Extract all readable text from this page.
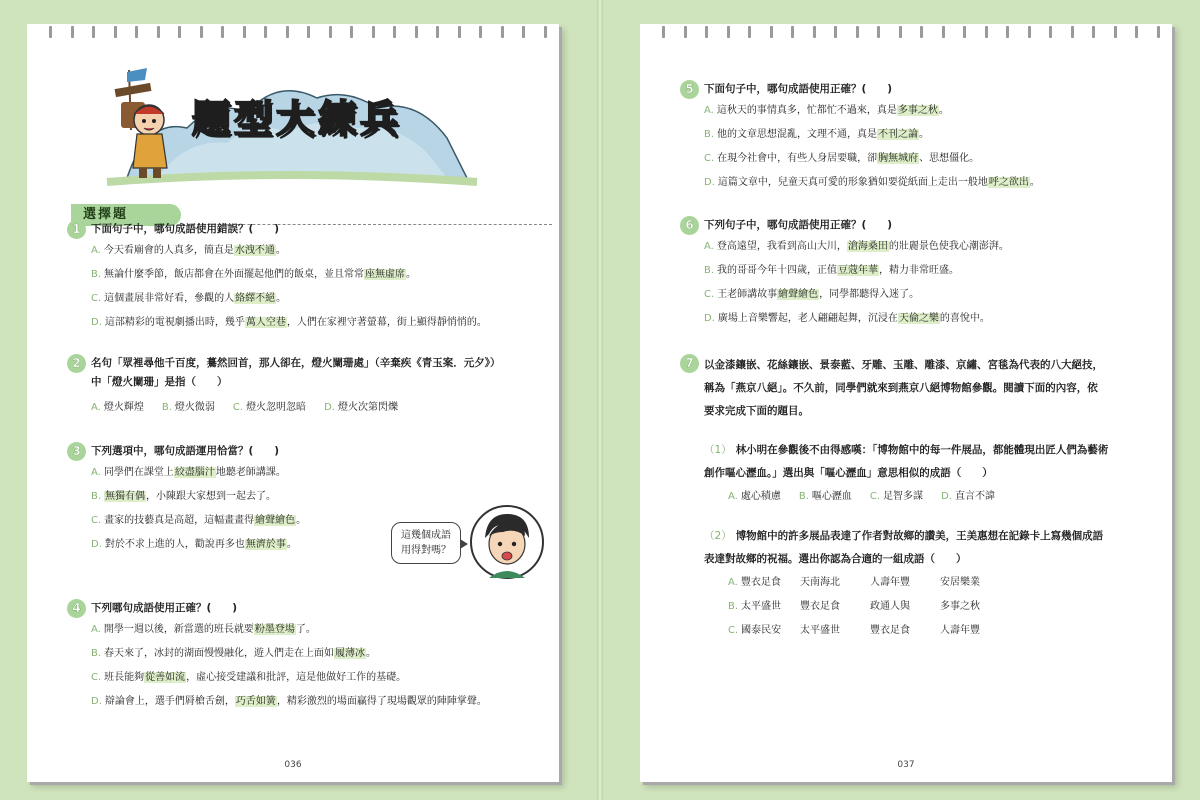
題型大練兵
選擇題
1 下面句子中，哪句成語使用錯誤？(　　)
A. 今天看廟會的人真多，簡直是水洩不通。
B. 無論什麼季節，飯店都會在外面擺起他們的飯桌，並且常常座無虛席。
C. 這個畫展非常好看，參觀的人絡繹不絕。
D. 這部精彩的電視劇播出時，幾乎萬人空巷，人們在家裡守著螢幕，街上顯得靜悄悄的。
2 名句「眾裡尋他千百度，驀然回首，那人卻在，燈火闌珊處」（辛棄疾《青玉案．元夕》）
中「燈火闌珊」是指（　　）
A. 燈火輝煌 B. 燈火微弱 C. 燈火忽明忽暗 D. 燈火次第閃爍
3 下列選項中，哪句成語運用恰當？(　　)
A. 同學們在課堂上絞盡腦汁地聽老師講課。
B. 無獨有偶，小陳跟大家想到一起去了。
C. 畫家的技藝真是高超，這幅畫畫得繪聲繪色。
D. 對於不求上進的人，勸說再多也無濟於事。
這幾個成語
用得對嗎？
4 下列哪句成語使用正確？(　　)
A. 開學一週以後，新當選的班長就要粉墨登場了。
B. 春天來了，冰封的湖面慢慢融化，遊人們走在上面如履薄冰。
C. 班長能夠從善如流，虛心接受建議和批評，這是他做好工作的基礎。
D. 辯論會上，選手們脣槍舌劍，巧舌如簧，精彩激烈的場面贏得了現場觀眾的陣陣掌聲。
036
5 下面句子中，哪句成語使用正確？(　　)
A. 這秋天的事情真多，忙都忙不過來，真是多事之秋。
B. 他的文章思想混亂，文理不通，真是不刊之論。
C. 在現今社會中，有些人身居要職，卻胸無城府、思想僵化。
D. 這篇文章中，兒童天真可愛的形象猶如要從紙面上走出一般地呼之欲出。
6 下列句子中，哪句成語使用正確？(　　)
A. 登高遠望，我看到高山大川，滄海桑田的壯麗景色使我心潮澎湃。
B. 我的哥哥今年十四歲，正值豆蔻年華，精力非常旺盛。
C. 王老師講故事繪聲繪色，同學都聽得入迷了。
D. 廣場上音樂響起，老人翩翩起舞，沉浸在天倫之樂的喜悅中。
7 以金漆鑲嵌、花絲鑲嵌、景泰藍、牙雕、玉雕、雕漆、京繡、宮毯為代表的八大絕技，
稱為「燕京八絕」。不久前，同學們就來到燕京八絕博物館參觀。閱讀下面的內容，依
要求完成下面的題目。
（1） 林小明在參觀後不由得感嘆：「博物館中的每一件展品，都能體現出匠人們為藝術
創作嘔心瀝血。」選出與「嘔心瀝血」意思相似的成語（　　）
A. 處心積慮 B. 嘔心瀝血 C. 足智多謀 D. 直言不諱
（2） 博物館中的許多展品表達了作者對故鄉的讚美，王美惠想在記錄卡上寫幾個成語
表達對故鄉的祝福。選出你認為合適的一組成語（　　）
A. 豐衣足食	天南海北	人壽年豐	安居樂業
B. 太平盛世	豐衣足食	政通人與	多事之秋
C. 國泰民安	太平盛世	豐衣足食	人壽年豐
037
